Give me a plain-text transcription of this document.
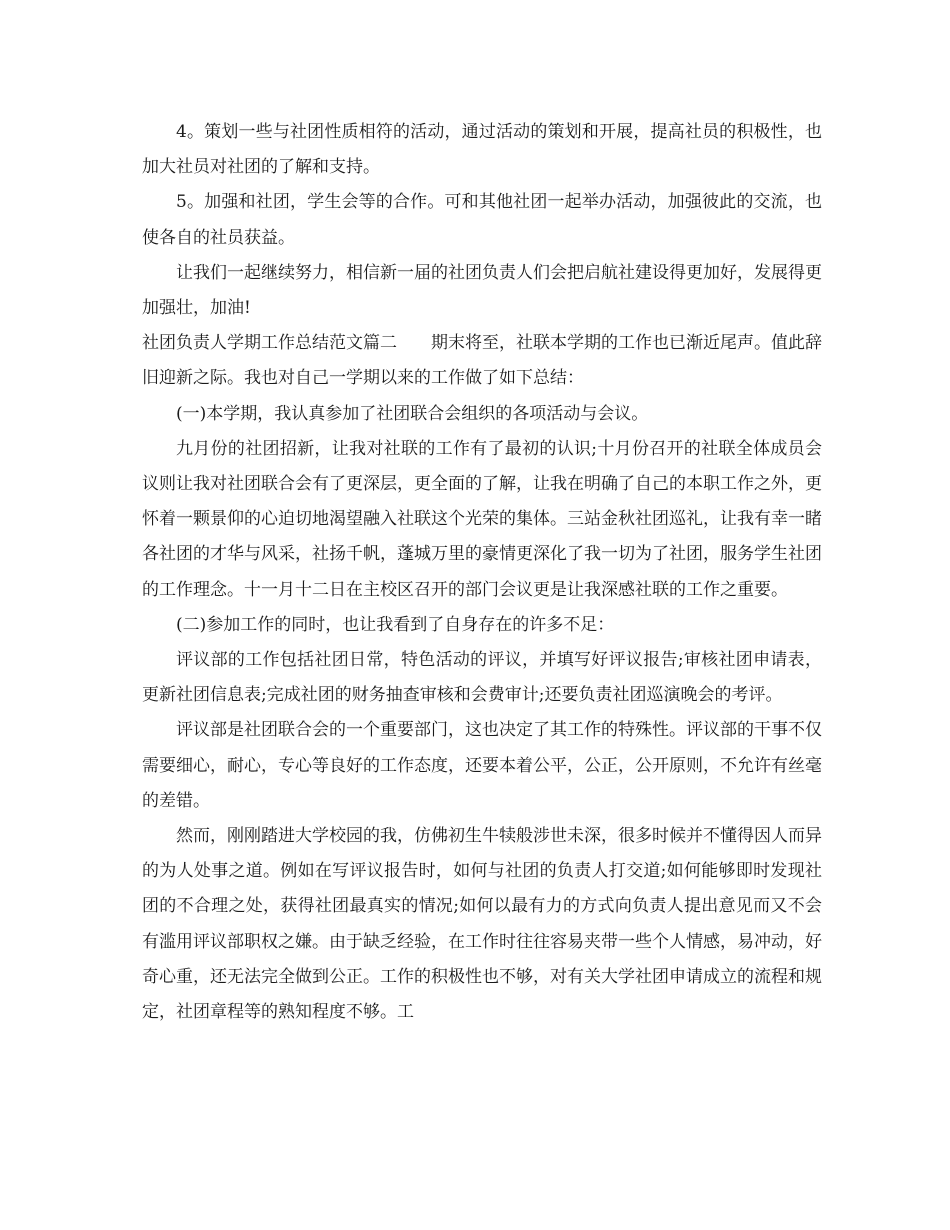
4。策划一些与社团性质相符的活动，通过活动的策划和开展，提高社员的积极性，也加大社员对社团的了解和支持。

5。加强和社团，学生会等的合作。可和其他社团一起举办活动，加强彼此的交流，也使各自的社员获益。

让我们一起继续努力，相信新一届的社团负责人们会把启航社建设得更加好，发展得更加强壮，加油!

社团负责人学期工作总结范文篇二　　期末将至，社联本学期的工作也已渐近尾声。值此辞旧迎新之际。我也对自己一学期以来的工作做了如下总结：

(一)本学期，我认真参加了社团联合会组织的各项活动与会议。

九月份的社团招新，让我对社联的工作有了最初的认识;十月份召开的社联全体成员会议则让我对社团联合会有了更深层，更全面的了解，让我在明确了自己的本职工作之外，更怀着一颗景仰的心迫切地渴望融入社联这个光荣的集体。三站金秋社团巡礼，让我有幸一睹各社团的才华与风采，社扬千帆，蓬城万里的豪情更深化了我一切为了社团，服务学生社团的工作理念。十一月十二日在主校区召开的部门会议更是让我深感社联的工作之重要。

(二)参加工作的同时，也让我看到了自身存在的许多不足：

评议部的工作包括社团日常，特色活动的评议，并填写好评议报告;审核社团申请表，更新社团信息表;完成社团的财务抽查审核和会费审计;还要负责社团巡演晚会的考评。

评议部是社团联合会的一个重要部门，这也决定了其工作的特殊性。评议部的干事不仅需要细心，耐心，专心等良好的工作态度，还要本着公平，公正，公开原则，不允许有丝毫的差错。

然而，刚刚踏进大学校园的我，仿佛初生牛犊般涉世未深，很多时候并不懂得因人而异的为人处事之道。例如在写评议报告时，如何与社团的负责人打交道;如何能够即时发现社团的不合理之处，获得社团最真实的情况;如何以最有力的方式向负责人提出意见而又不会有滥用评议部职权之嫌。由于缺乏经验，在工作时往往容易夹带一些个人情感，易冲动，好奇心重，还无法完全做到公正。工作的积极性也不够，对有关大学社团申请成立的流程和规定，社团章程等的熟知程度不够。工
